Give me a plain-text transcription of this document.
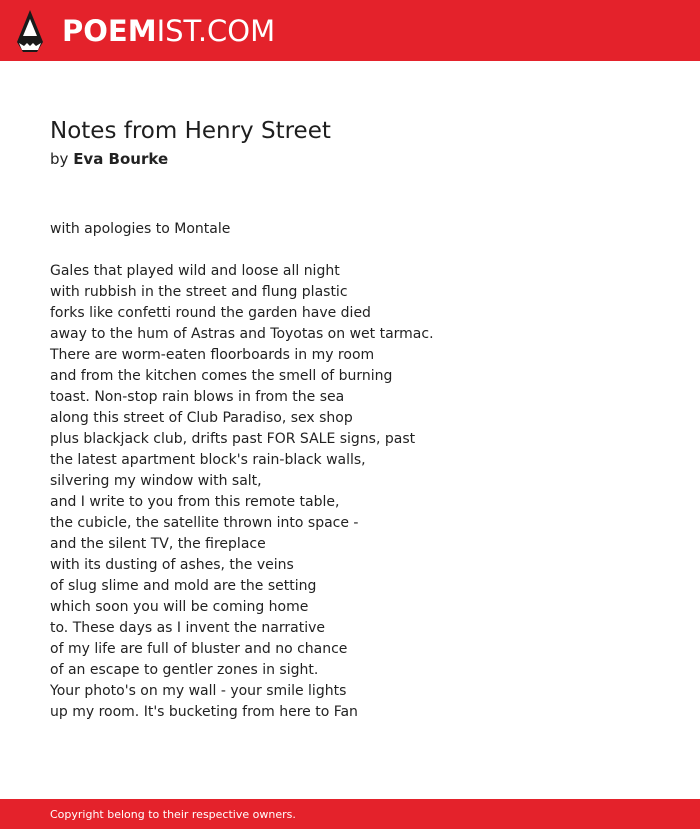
POEMIST.COM
Notes from Henry Street
by Eva Bourke
with apologies to Montale
Gales that played wild and loose all night
with rubbish in the street and flung plastic
forks like confetti round the garden have died
away to the hum of Astras and Toyotas on wet tarmac.
There are worm-eaten floorboards in my room
and from the kitchen comes the smell of burning
toast. Non-stop rain blows in from the sea
along this street of Club Paradiso, sex shop
plus blackjack club, drifts past FOR SALE signs, past
the latest apartment block's rain-black walls,
silvering my window with salt,
and I write to you from this remote table,
the cubicle, the satellite thrown into space -
and the silent TV, the fireplace
with its dusting of ashes, the veins
of slug slime and mold are the setting
which soon you will be coming home
to. These days as I invent the narrative
of my life are full of bluster and no chance
of an escape to gentler zones in sight.
Your photo's on my wall - your smile lights
up my room. It's bucketing from here to Fan
Copyright belong to their respective owners.
